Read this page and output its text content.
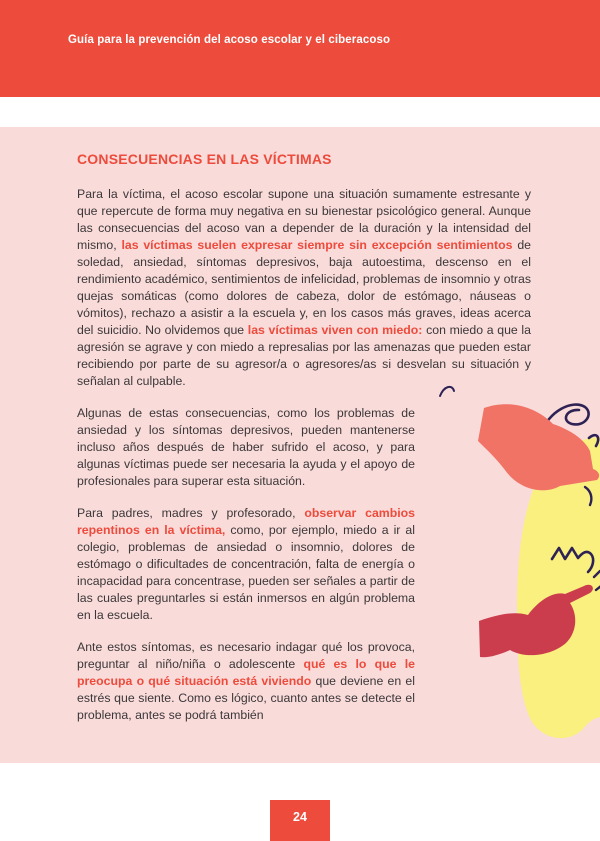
Guía para la prevención del acoso escolar y el ciberacoso
CONSECUENCIAS EN LAS VÍCTIMAS

Para la víctima, el acoso escolar supone una situación sumamente estresante y que repercute de forma muy negativa en su bienestar psicológico general. Aunque las consecuencias del acoso van a depender de la duración y la intensidad del mismo, las víctimas suelen expresar siempre sin excepción sentimientos de soledad, ansiedad, síntomas depresivos, baja autoestima, descenso en el rendimiento académico, sentimientos de infelicidad, problemas de insomnio y otras quejas somáticas (como dolores de cabeza, dolor de estómago, náuseas o vómitos), rechazo a asistir a la escuela y, en los casos más graves, ideas acerca del suicidio. No olvidemos que las víctimas viven con miedo: con miedo a que la agresión se agrave y con miedo a represalias por las amenazas que pueden estar recibiendo por parte de su agresor/a o agresores/as si desvelan su situación y señalan al culpable.

Algunas de estas consecuencias, como los problemas de ansiedad y los síntomas depresivos, pueden mantenerse incluso años después de haber sufrido el acoso, y para algunas víctimas puede ser necesaria la ayuda y el apoyo de profesionales para superar esta situación.

Para padres, madres y profesorado, observar cambios repentinos en la víctima, como, por ejemplo, miedo a ir al colegio, problemas de ansiedad o insomnio, dolores de estómago o dificultades de concentración, falta de energía o incapacidad para concentrase, pueden ser señales a partir de las cuales preguntarles si están inmersos en algún problema en la escuela.

Ante estos síntomas, es necesario indagar qué los provoca, preguntar al niño/niña o adolescente qué es lo que le preocupa o qué situación está viviendo que deviene en el estrés que siente. Como es lógico, cuanto antes se detecte el problema, antes se podrá también

24
